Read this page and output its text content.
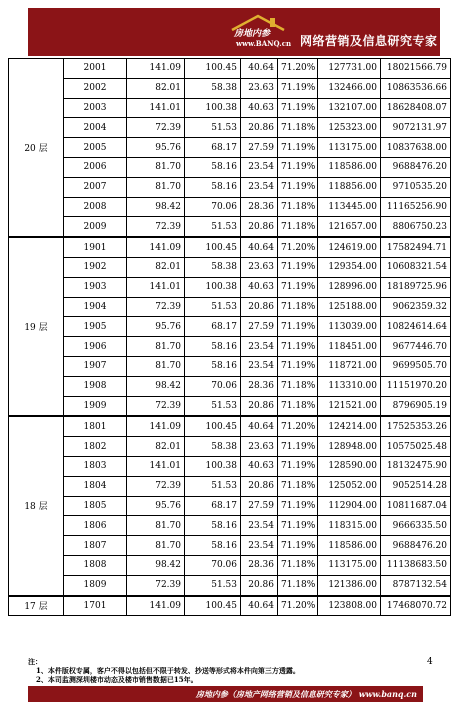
房地内参
www.BANQ.cn 网络营销及信息研究专家
20 层	2001	141.09	100.45	40.64	71.20%	127731.00	18021566.79
	2002	82.01	58.38	23.63	71.19%	132466.00	10863536.66
	2003	141.01	100.38	40.63	71.19%	132107.00	18628408.07
	2004	72.39	51.53	20.86	71.18%	125323.00	9072131.97
	2005	95.76	68.17	27.59	71.19%	113175.00	10837638.00
	2006	81.70	58.16	23.54	71.19%	118586.00	9688476.20
	2007	81.70	58.16	23.54	71.19%	118856.00	9710535.20
	2008	98.42	70.06	28.36	71.18%	113445.00	11165256.90
	2009	72.39	51.53	20.86	71.18%	121657.00	8806750.23
19 层	1901	141.09	100.45	40.64	71.20%	124619.00	17582494.71
	1902	82.01	58.38	23.63	71.19%	129354.00	10608321.54
	1903	141.01	100.38	40.63	71.19%	128996.00	18189725.96
	1904	72.39	51.53	20.86	71.18%	125188.00	9062359.32
	1905	95.76	68.17	27.59	71.19%	113039.00	10824614.64
	1906	81.70	58.16	23.54	71.19%	118451.00	9677446.70
	1907	81.70	58.16	23.54	71.19%	118721.00	9699505.70
	1908	98.42	70.06	28.36	71.18%	113310.00	11151970.20
	1909	72.39	51.53	20.86	71.18%	121521.00	8796905.19
18 层	1801	141.09	100.45	40.64	71.20%	124214.00	17525353.26
	1802	82.01	58.38	23.63	71.19%	128948.00	10575025.48
	1803	141.01	100.38	40.63	71.19%	128590.00	18132475.90
	1804	72.39	51.53	20.86	71.18%	125052.00	9052514.28
	1805	95.76	68.17	27.59	71.19%	112904.00	10811687.04
	1806	81.70	58.16	23.54	71.19%	118315.00	9666335.50
	1807	81.70	58.16	23.54	71.19%	118586.00	9688476.20
	1808	98.42	70.06	28.36	71.18%	113175.00	11138683.50
	1809	72.39	51.53	20.86	71.18%	121386.00	8787132.54
17 层	1701	141.09	100.45	40.64	71.20%	123808.00	17468070.72
注：
1、本件版权专属，客户不得以包括但不限于转发、抄送等形式将本件向第三方透露。
2、本司监测深圳楼市动态及楼市销售数据已15年。
4
房地内参（房地产网络营销及信息研究专家） www.banq.cn
